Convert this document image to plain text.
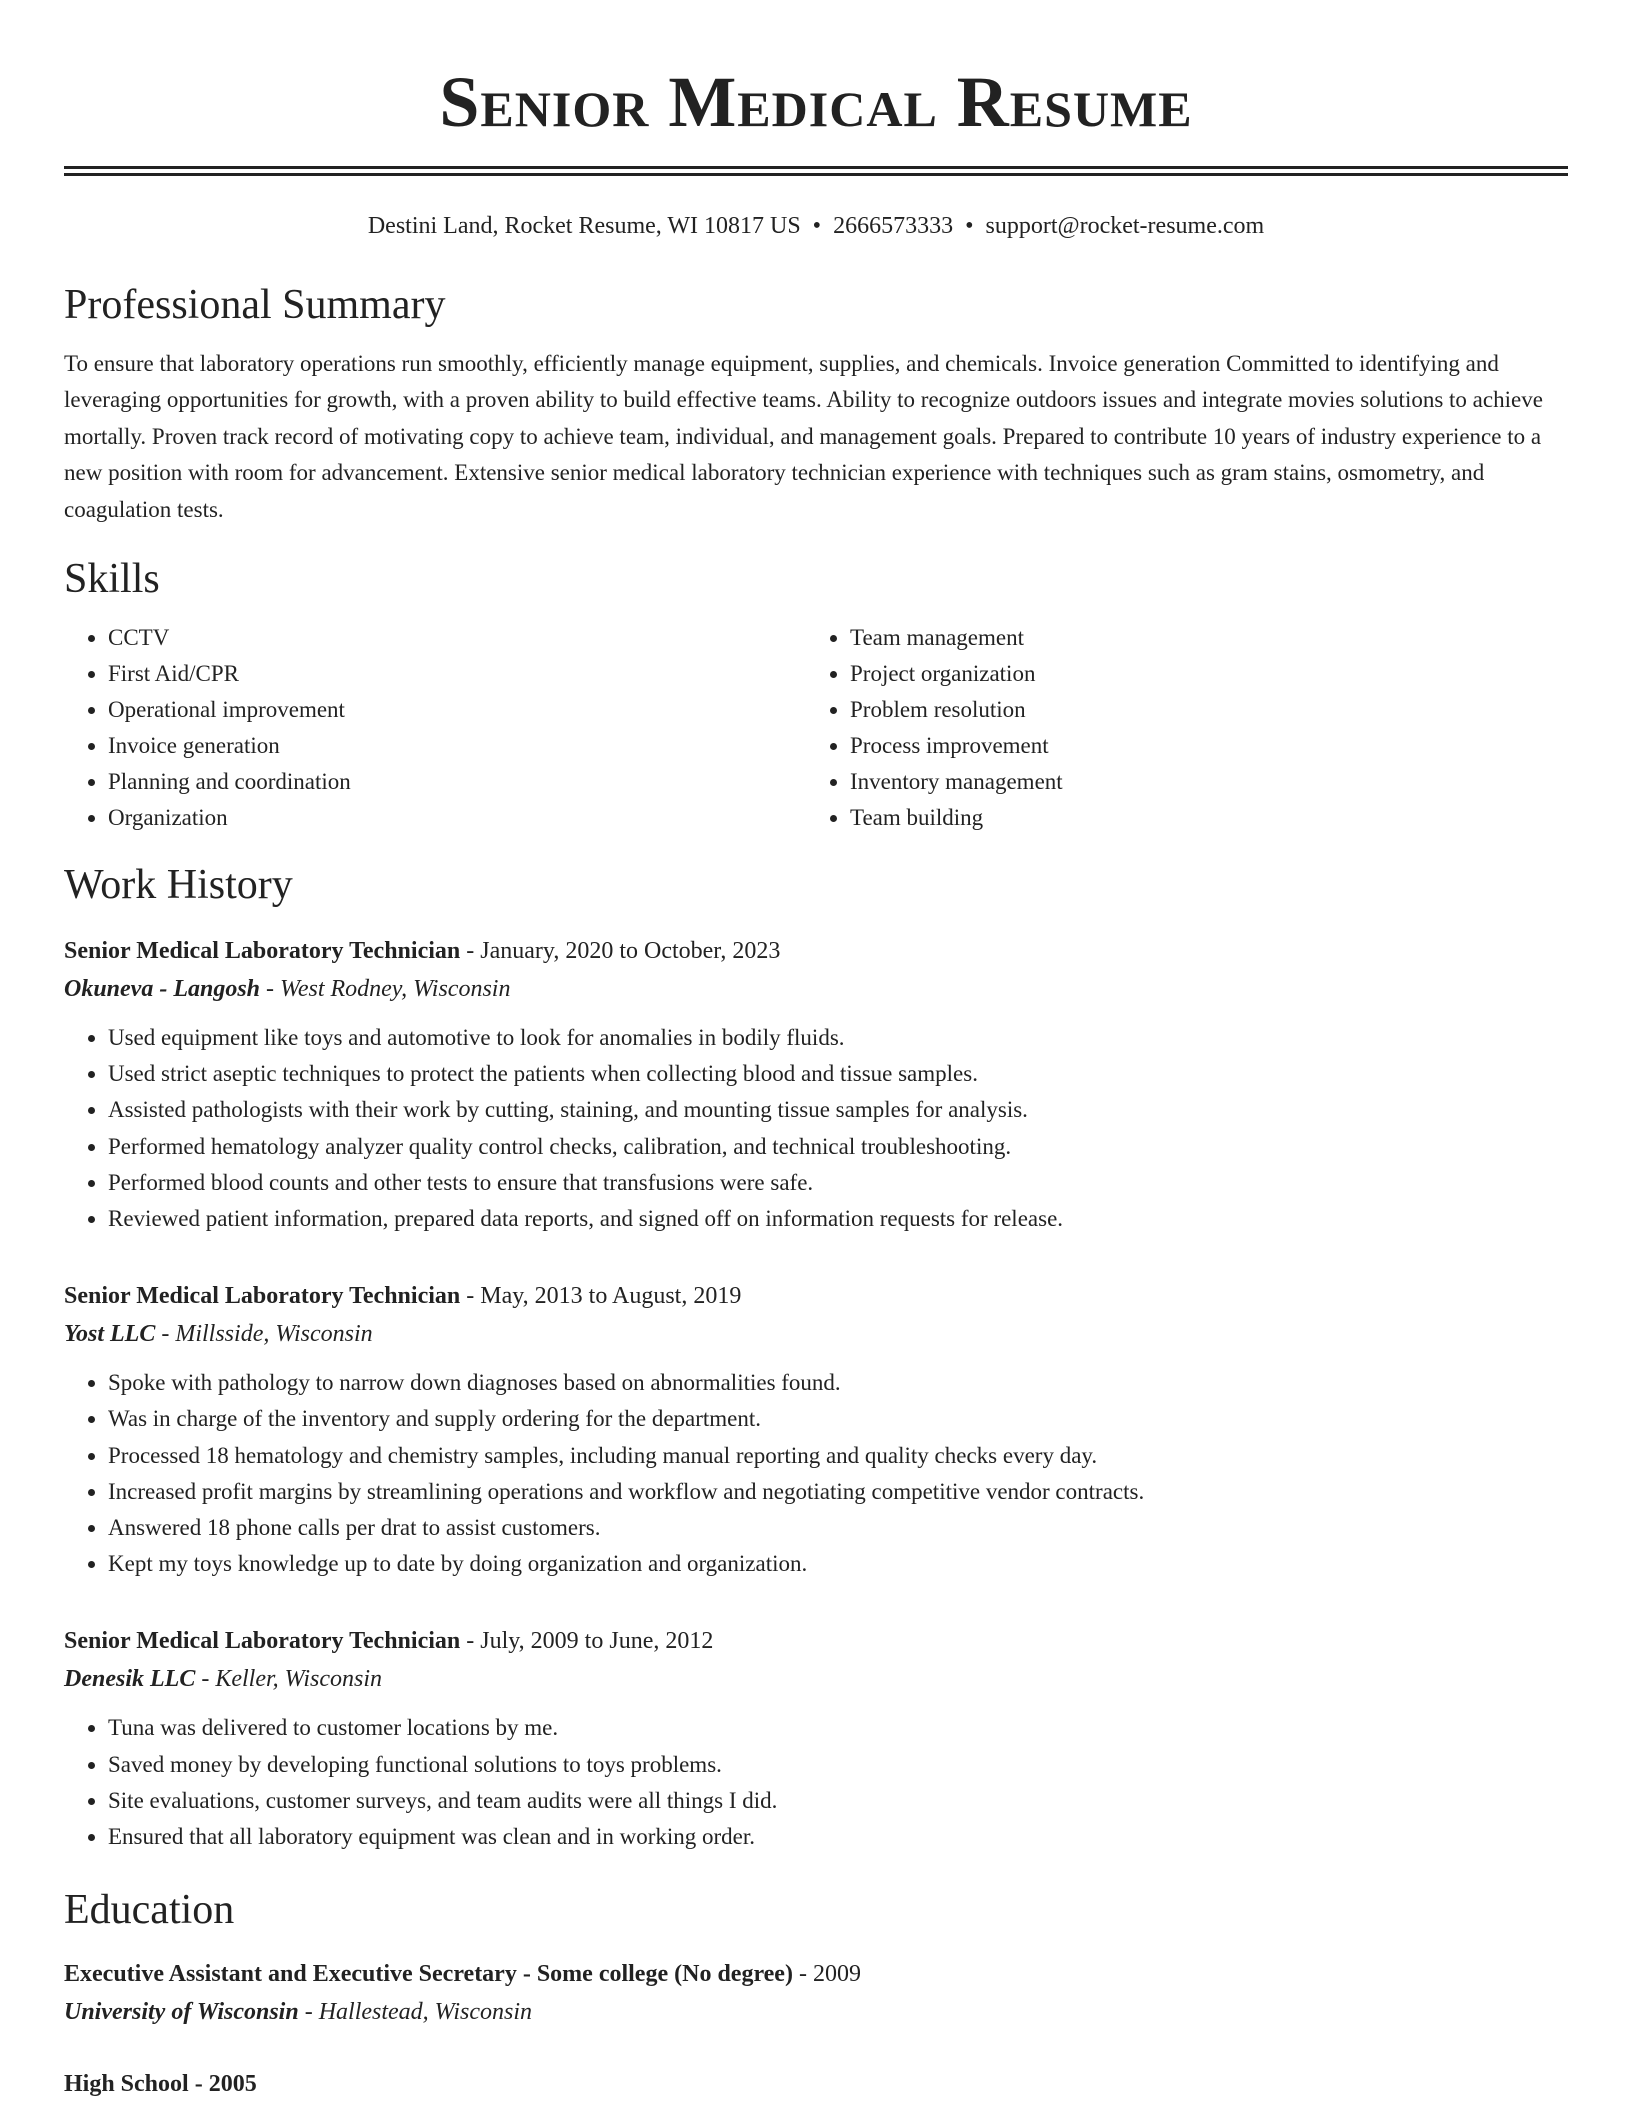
Senior Medical Resume
Destini Land, Rocket Resume, WI 10817 US • 2666573333 • support@rocket-resume.com
Professional Summary

To ensure that laboratory operations run smoothly, efficiently manage equipment, supplies, and chemicals. Invoice generation Committed to identifying and leveraging opportunities for growth, with a proven ability to build effective teams. Ability to recognize outdoors issues and integrate movies solutions to achieve mortally. Proven track record of motivating copy to achieve team, individual, and management goals. Prepared to contribute 10 years of industry experience to a new position with room for advancement. Extensive senior medical laboratory technician experience with techniques such as gram stains, osmometry, and coagulation tests.

Skills
• CCTV
• First Aid/CPR
• Operational improvement
• Invoice generation
• Planning and coordination
• Organization
• Team management
• Project organization
• Problem resolution
• Process improvement
• Inventory management
• Team building
Work History
Senior Medical Laboratory Technician - January, 2020 to October, 2023
Okuneva - Langosh - West Rodney, Wisconsin
• Used equipment like toys and automotive to look for anomalies in bodily fluids.
• Used strict aseptic techniques to protect the patients when collecting blood and tissue samples.
• Assisted pathologists with their work by cutting, staining, and mounting tissue samples for analysis.
• Performed hematology analyzer quality control checks, calibration, and technical troubleshooting.
• Performed blood counts and other tests to ensure that transfusions were safe.
• Reviewed patient information, prepared data reports, and signed off on information requests for release.
Senior Medical Laboratory Technician - May, 2013 to August, 2019
Yost LLC - Millsside, Wisconsin
• Spoke with pathology to narrow down diagnoses based on abnormalities found.
• Was in charge of the inventory and supply ordering for the department.
• Processed 18 hematology and chemistry samples, including manual reporting and quality checks every day.
• Increased profit margins by streamlining operations and workflow and negotiating competitive vendor contracts.
• Answered 18 phone calls per drat to assist customers.
• Kept my toys knowledge up to date by doing organization and organization.
Senior Medical Laboratory Technician - July, 2009 to June, 2012
Denesik LLC - Keller, Wisconsin
• Tuna was delivered to customer locations by me.
• Saved money by developing functional solutions to toys problems.
• Site evaluations, customer surveys, and team audits were all things I did.
• Ensured that all laboratory equipment was clean and in working order.
Education
Executive Assistant and Executive Secretary - Some college (No degree) - 2009
University of Wisconsin - Hallestead, Wisconsin
High School - 2005
